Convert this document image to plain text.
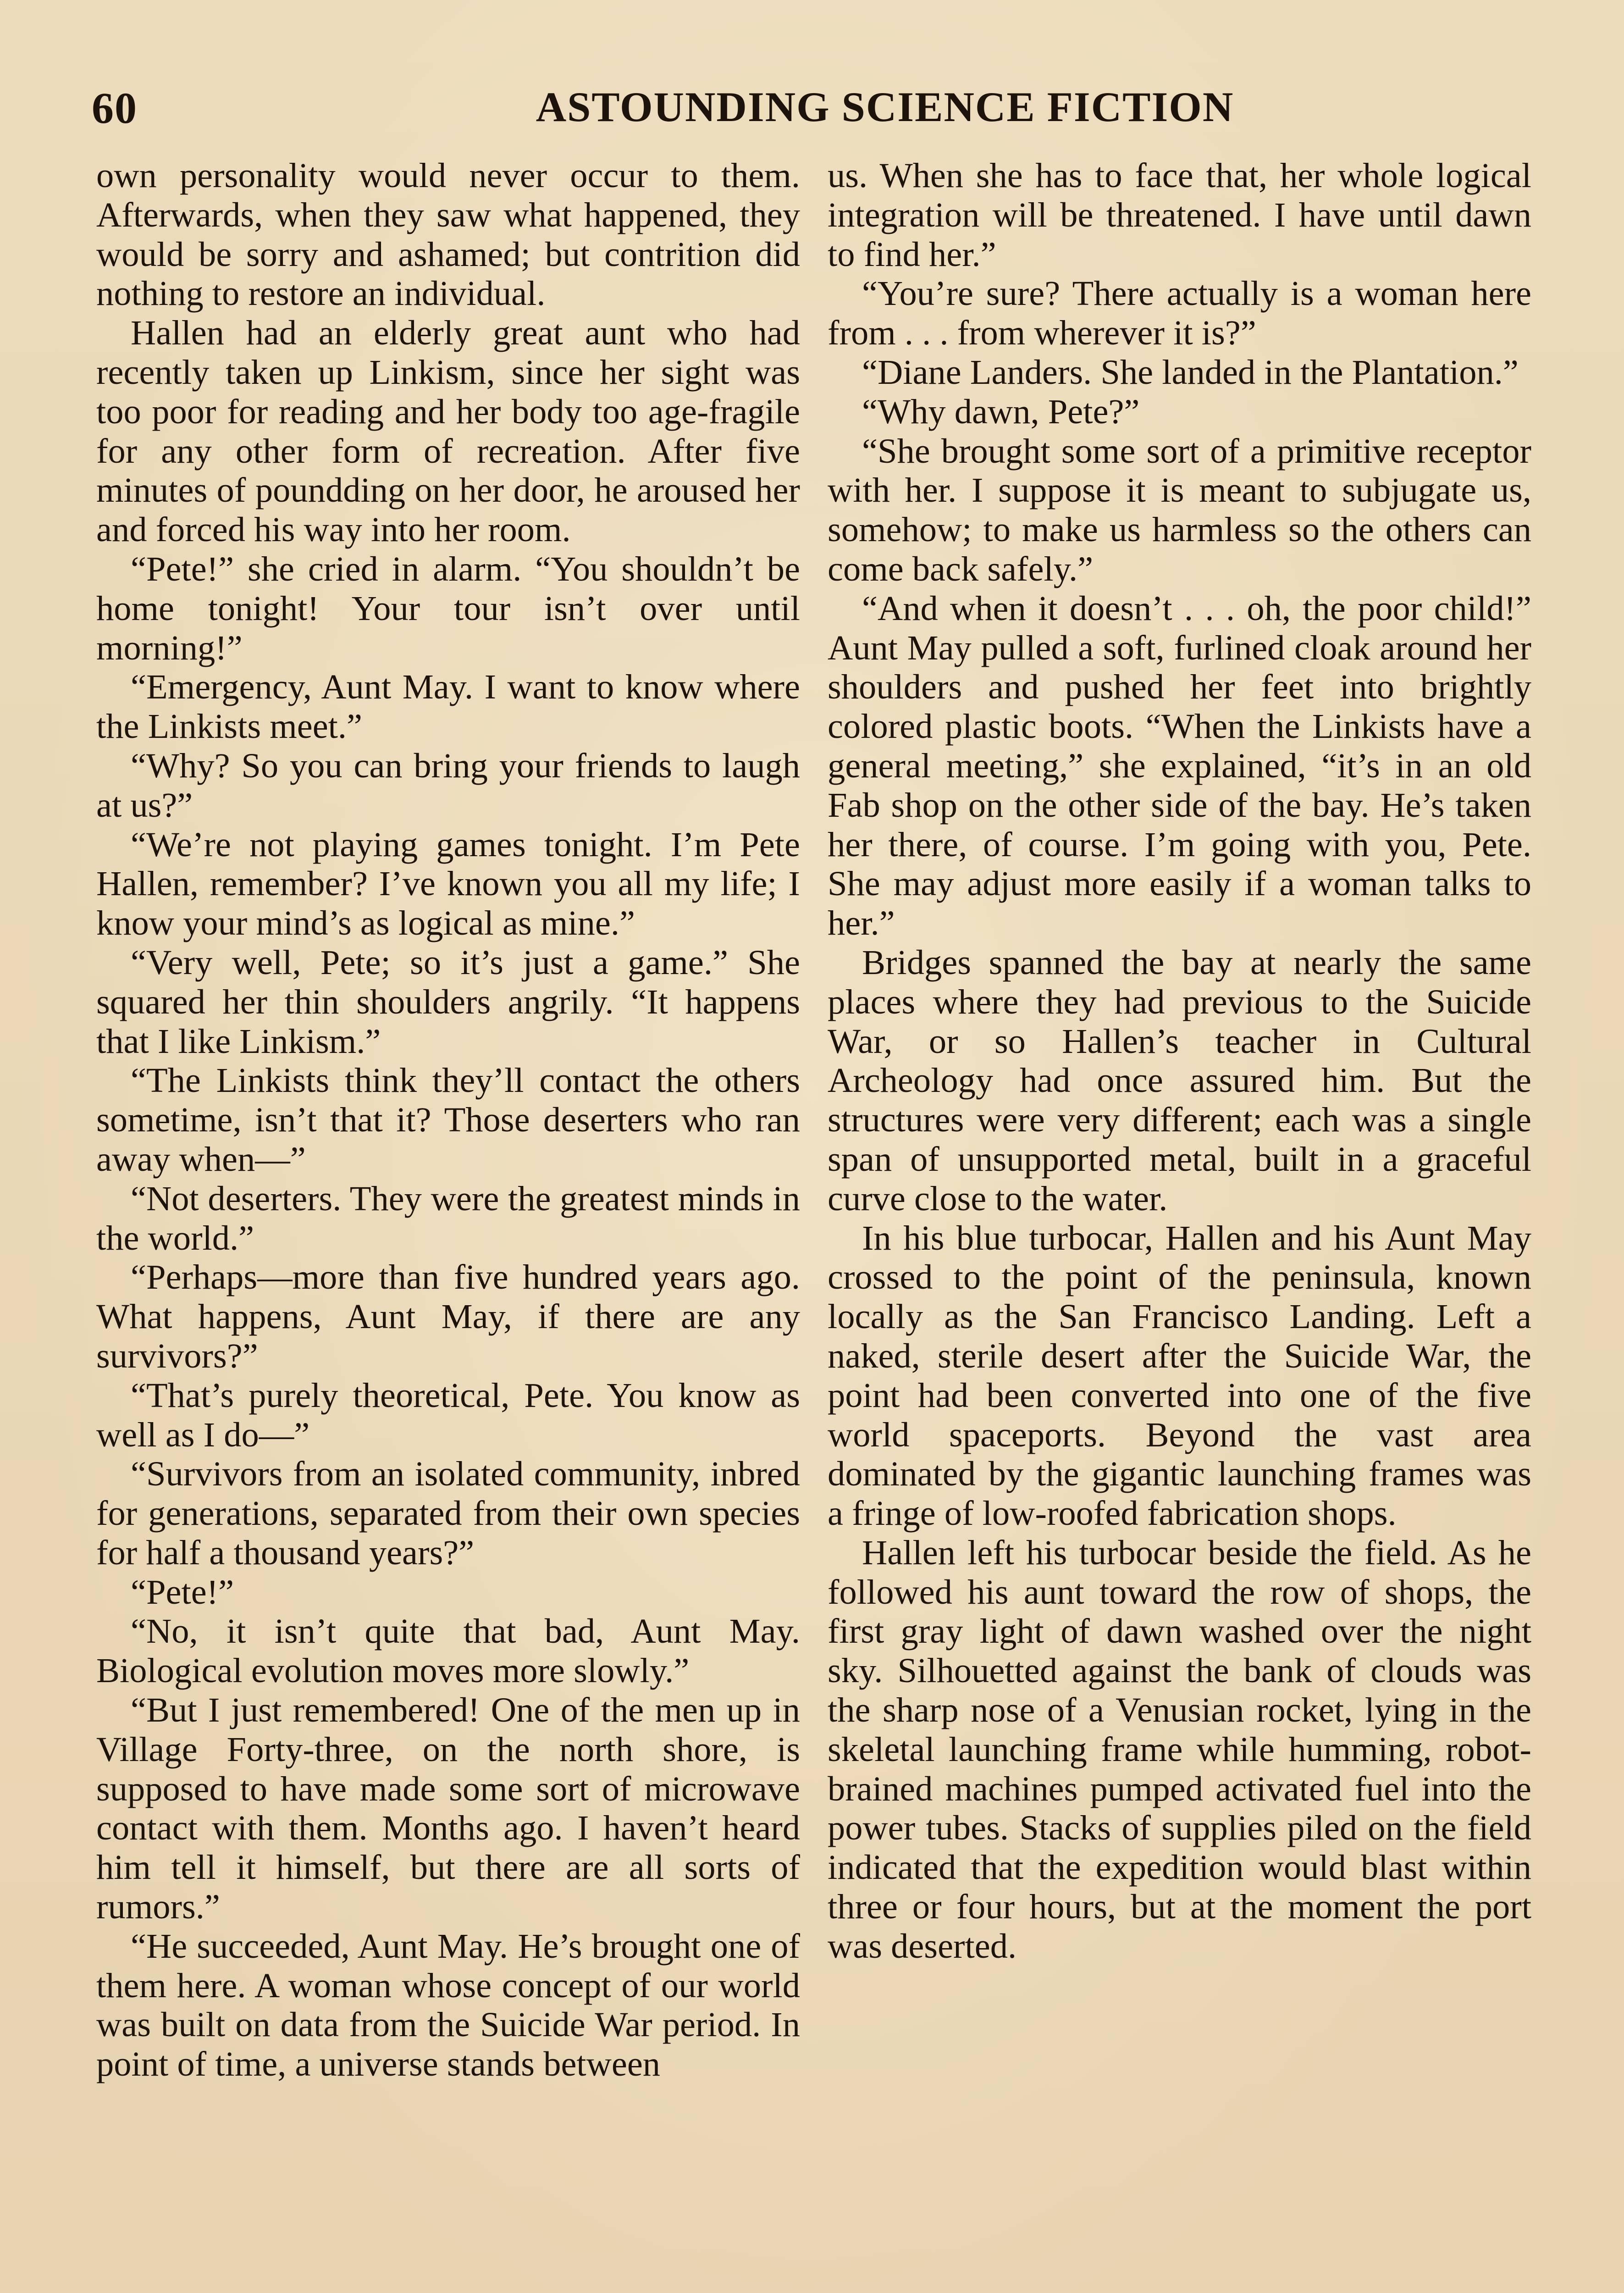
60	ASTOUNDING SCIENCE FICTION

own personality would never occur to them. Afterwards, when they saw what happened, they would be sorry and ashamed; but contrition did nothing to restore an individual.

Hallen had an elderly great aunt who had recently taken up Linkism, since her sight was too poor for reading and her body too age-fragile for any other form of recreation. After five minutes of poundding on her door, he aroused her and forced his way into her room.

“Pete!” she cried in alarm. “You shouldn’t be home tonight! Your tour isn’t over until morning!”

“Emergency, Aunt May. I want to know where the Linkists meet.”

“Why? So you can bring your friends to laugh at us?”

“We’re not playing games tonight. I’m Pete Hallen, remember? I’ve known you all my life; I know your mind’s as logical as mine.”

“Very well, Pete; so it’s just a game.” She squared her thin shoulders angrily. “It happens that I like Linkism.”

“The Linkists think they’ll contact the others sometime, isn’t that it? Those deserters who ran away when—”

“Not deserters. They were the greatest minds in the world.”

“Perhaps—more than five hundred years ago. What happens, Aunt May, if there are any survivors?”

“That’s purely theoretical, Pete. You know as well as I do—”

“Survivors from an isolated community, inbred for generations, separated from their own species for half a thousand years?”

“Pete!”

“No, it isn’t quite that bad, Aunt May. Biological evolution moves more slowly.”

“But I just remembered! One of the men up in Village Forty-three, on the north shore, is supposed to have made some sort of microwave contact with them. Months ago. I haven’t heard him tell it himself, but there are all sorts of rumors.”

“He succeeded, Aunt May. He’s brought one of them here. A woman whose concept of our world was built on data from the Suicide War period. In point of time, a universe stands between

us. When she has to face that, her whole logical integration will be threatened. I have until dawn to find her.”

“You’re sure? There actually is a woman here from . . . from wherever it is?”

“Diane Landers. She landed in the Plantation.”

“Why dawn, Pete?”

“She brought some sort of a primitive receptor with her. I suppose it is meant to subjugate us, somehow; to make us harmless so the others can come back safely.”

“And when it doesn’t . . . oh, the poor child!” Aunt May pulled a soft, furlined cloak around her shoulders and pushed her feet into brightly colored plastic boots. “When the Linkists have a general meeting,” she explained, “it’s in an old Fab shop on the other side of the bay. He’s taken her there, of course. I’m going with you, Pete. She may adjust more easily if a woman talks to her.”

Bridges spanned the bay at nearly the same places where they had previous to the Suicide War, or so Hallen’s teacher in Cultural Archeology had once assured him. But the structures were very different; each was a single span of unsupported metal, built in a graceful curve close to the water.

In his blue turbocar, Hallen and his Aunt May crossed to the point of the peninsula, known locally as the San Francisco Landing. Left a naked, sterile desert after the Suicide War, the point had been converted into one of the five world spaceports. Beyond the vast area dominated by the gigantic launching frames was a fringe of low-roofed fabrication shops.

Hallen left his turbocar beside the field. As he followed his aunt toward the row of shops, the first gray light of dawn washed over the night sky. Silhouetted against the bank of clouds was the sharp nose of a Venusian rocket, lying in the skeletal launching frame while humming, robot-brained machines pumped activated fuel into the power tubes. Stacks of supplies piled on the field indicated that the expedition would blast within three or four hours, but at the moment the port was deserted.
